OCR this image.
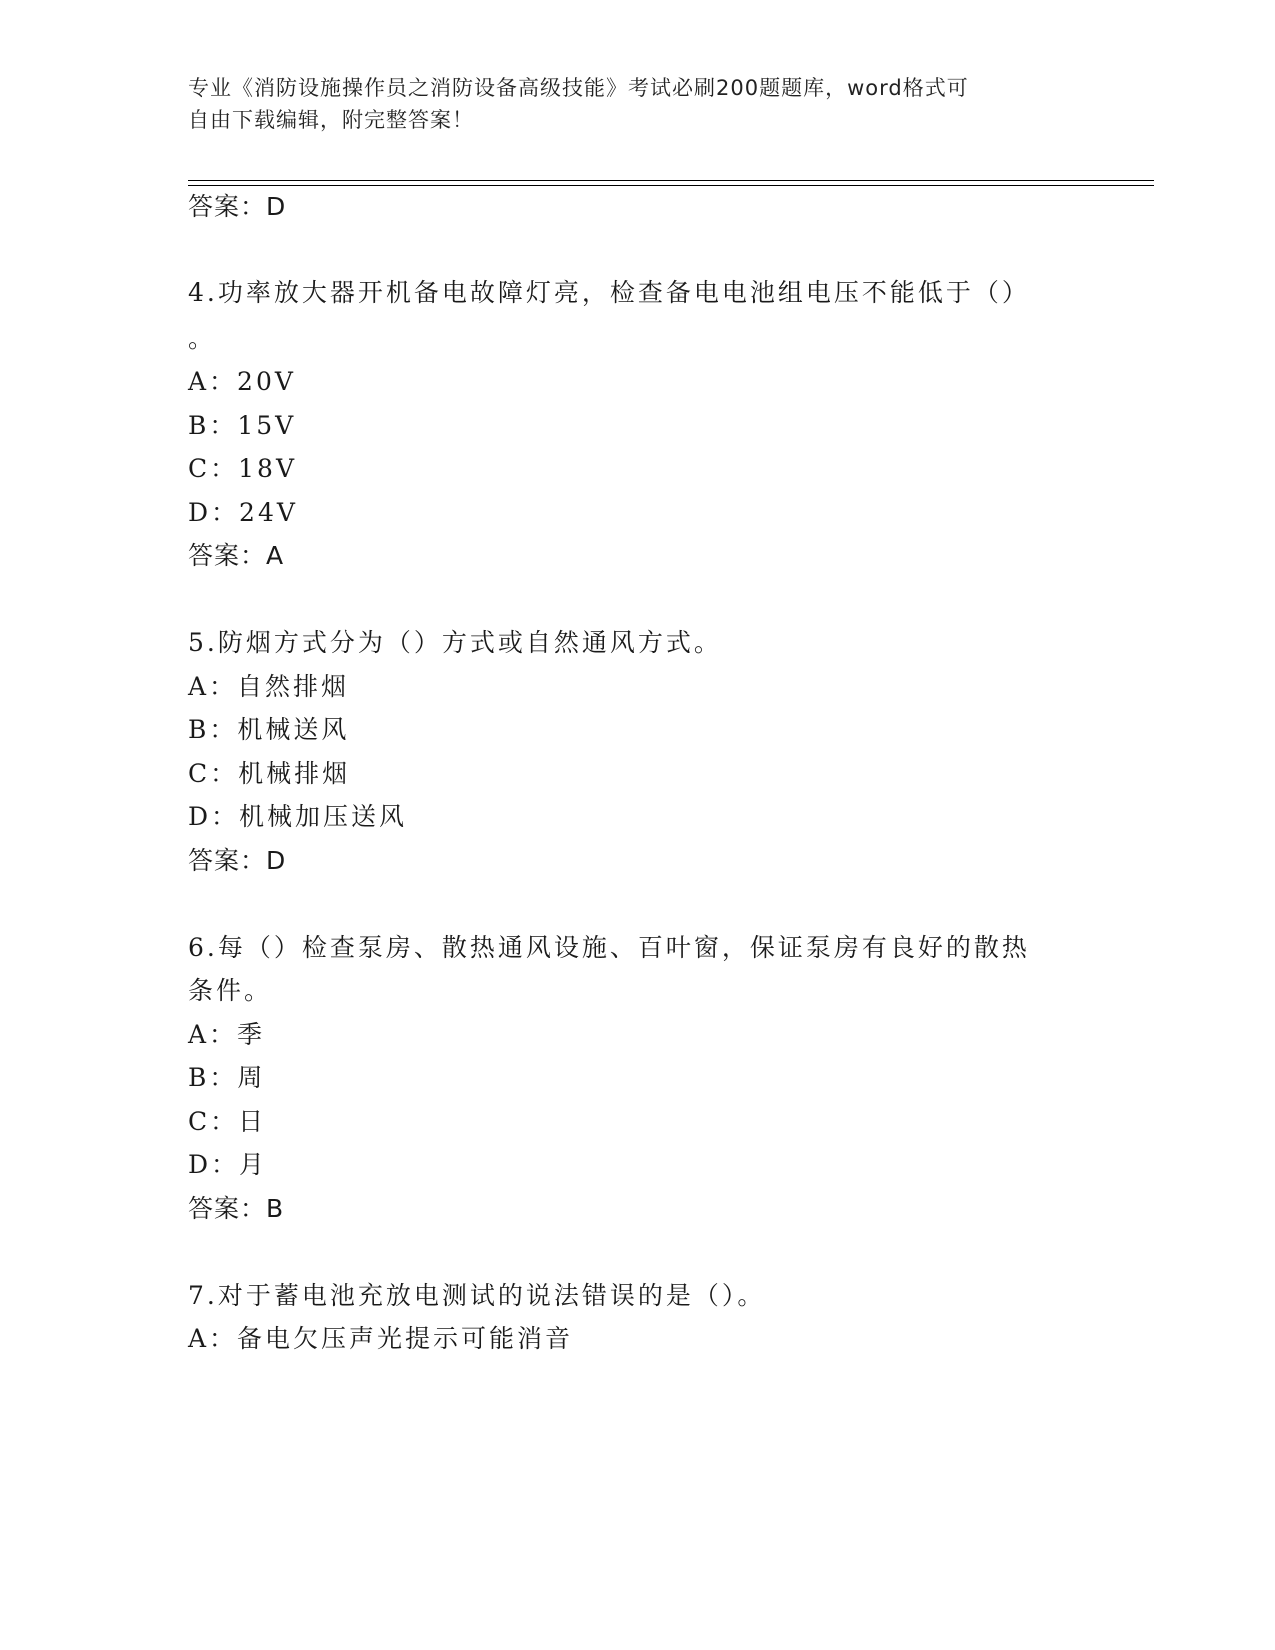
专业《消防设施操作员之消防设备高级技能》考试必刷200题题库，word格式可
自由下载编辑，附完整答案！
答案：D
4.功率放大器开机备电故障灯亮，检查备电电池组电压不能低于（）
。
A：20V
B：15V
C：18V
D：24V
答案：A
5.防烟方式分为（）方式或自然通风方式。
A：自然排烟
B：机械送风
C：机械排烟
D：机械加压送风
答案：D
6.每（）检查泵房、散热通风设施、百叶窗，保证泵房有良好的散热
条件。
A：季
B：周
C：日
D：月
答案：B
7.对于蓄电池充放电测试的说法错误的是（）。
A：备电欠压声光提示可能消音
